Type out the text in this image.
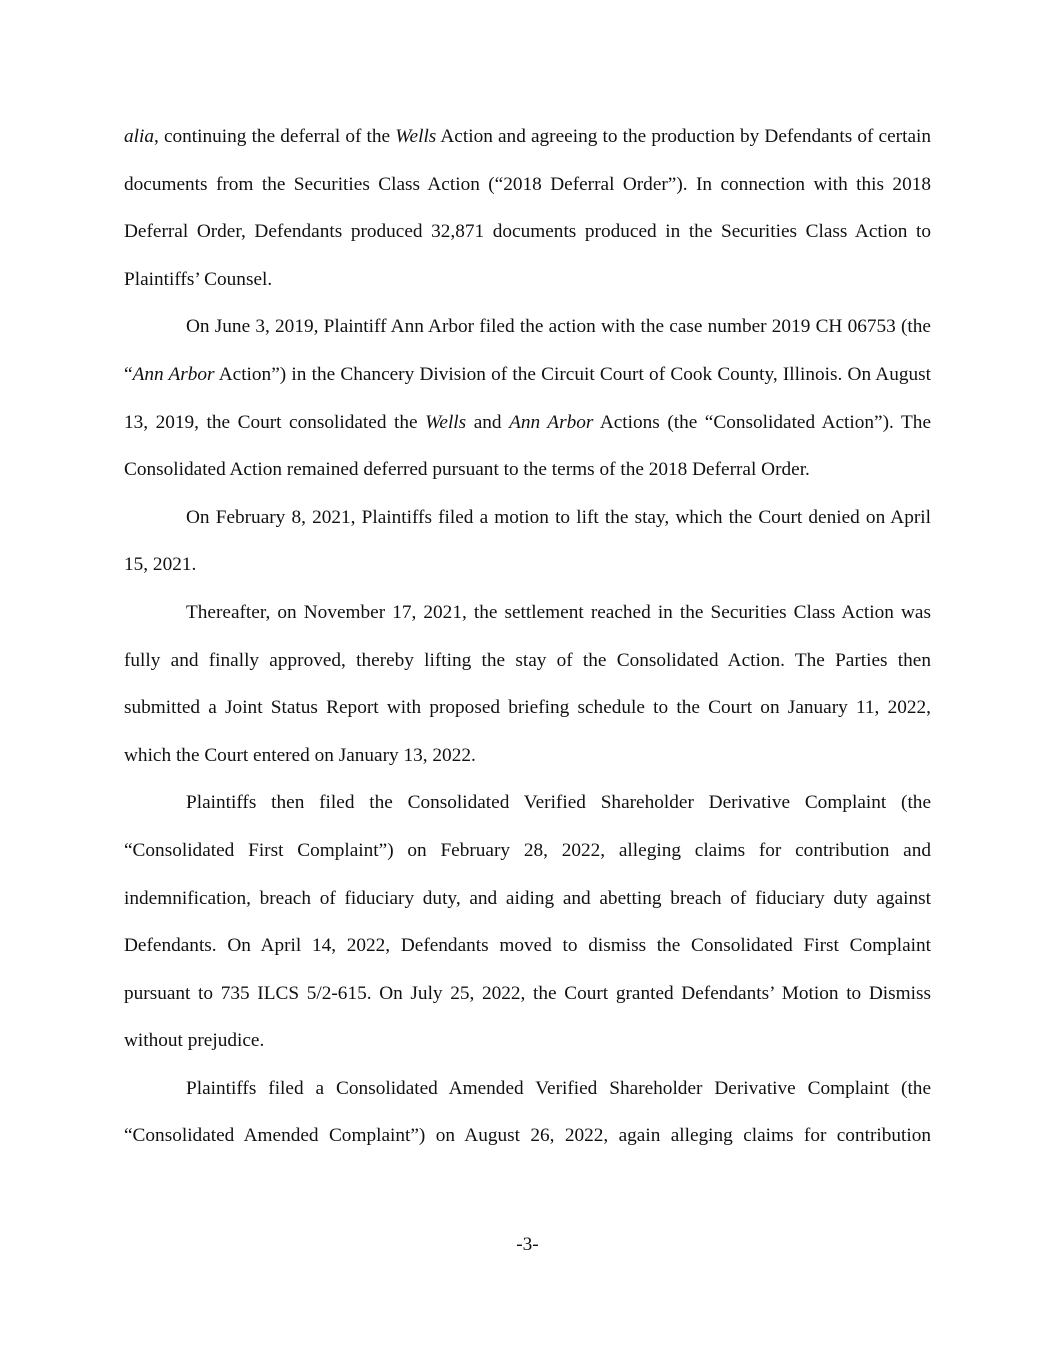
alia, continuing the deferral of the Wells Action and agreeing to the production by Defendants of certain documents from the Securities Class Action (“2018 Deferral Order”). In connection with this 2018 Deferral Order, Defendants produced 32,871 documents produced in the Securities Class Action to Plaintiffs’ Counsel.

On June 3, 2019, Plaintiff Ann Arbor filed the action with the case number 2019 CH 06753 (the “Ann Arbor Action”) in the Chancery Division of the Circuit Court of Cook County, Illinois. On August 13, 2019, the Court consolidated the Wells and Ann Arbor Actions (the “Consolidated Action”). The Consolidated Action remained deferred pursuant to the terms of the 2018 Deferral Order.

On February 8, 2021, Plaintiffs filed a motion to lift the stay, which the Court denied on April 15, 2021.

Thereafter, on November 17, 2021, the settlement reached in the Securities Class Action was fully and finally approved, thereby lifting the stay of the Consolidated Action. The Parties then submitted a Joint Status Report with proposed briefing schedule to the Court on January 11, 2022, which the Court entered on January 13, 2022.

Plaintiffs then filed the Consolidated Verified Shareholder Derivative Complaint (the “Consolidated First Complaint”) on February 28, 2022, alleging claims for contribution and indemnification, breach of fiduciary duty, and aiding and abetting breach of fiduciary duty against Defendants. On April 14, 2022, Defendants moved to dismiss the Consolidated First Complaint pursuant to 735 ILCS 5/2-615. On July 25, 2022, the Court granted Defendants’ Motion to Dismiss without prejudice.

Plaintiffs filed a Consolidated Amended Verified Shareholder Derivative Complaint (the “Consolidated Amended Complaint”) on August 26, 2022, again alleging claims for contribution

-3-
